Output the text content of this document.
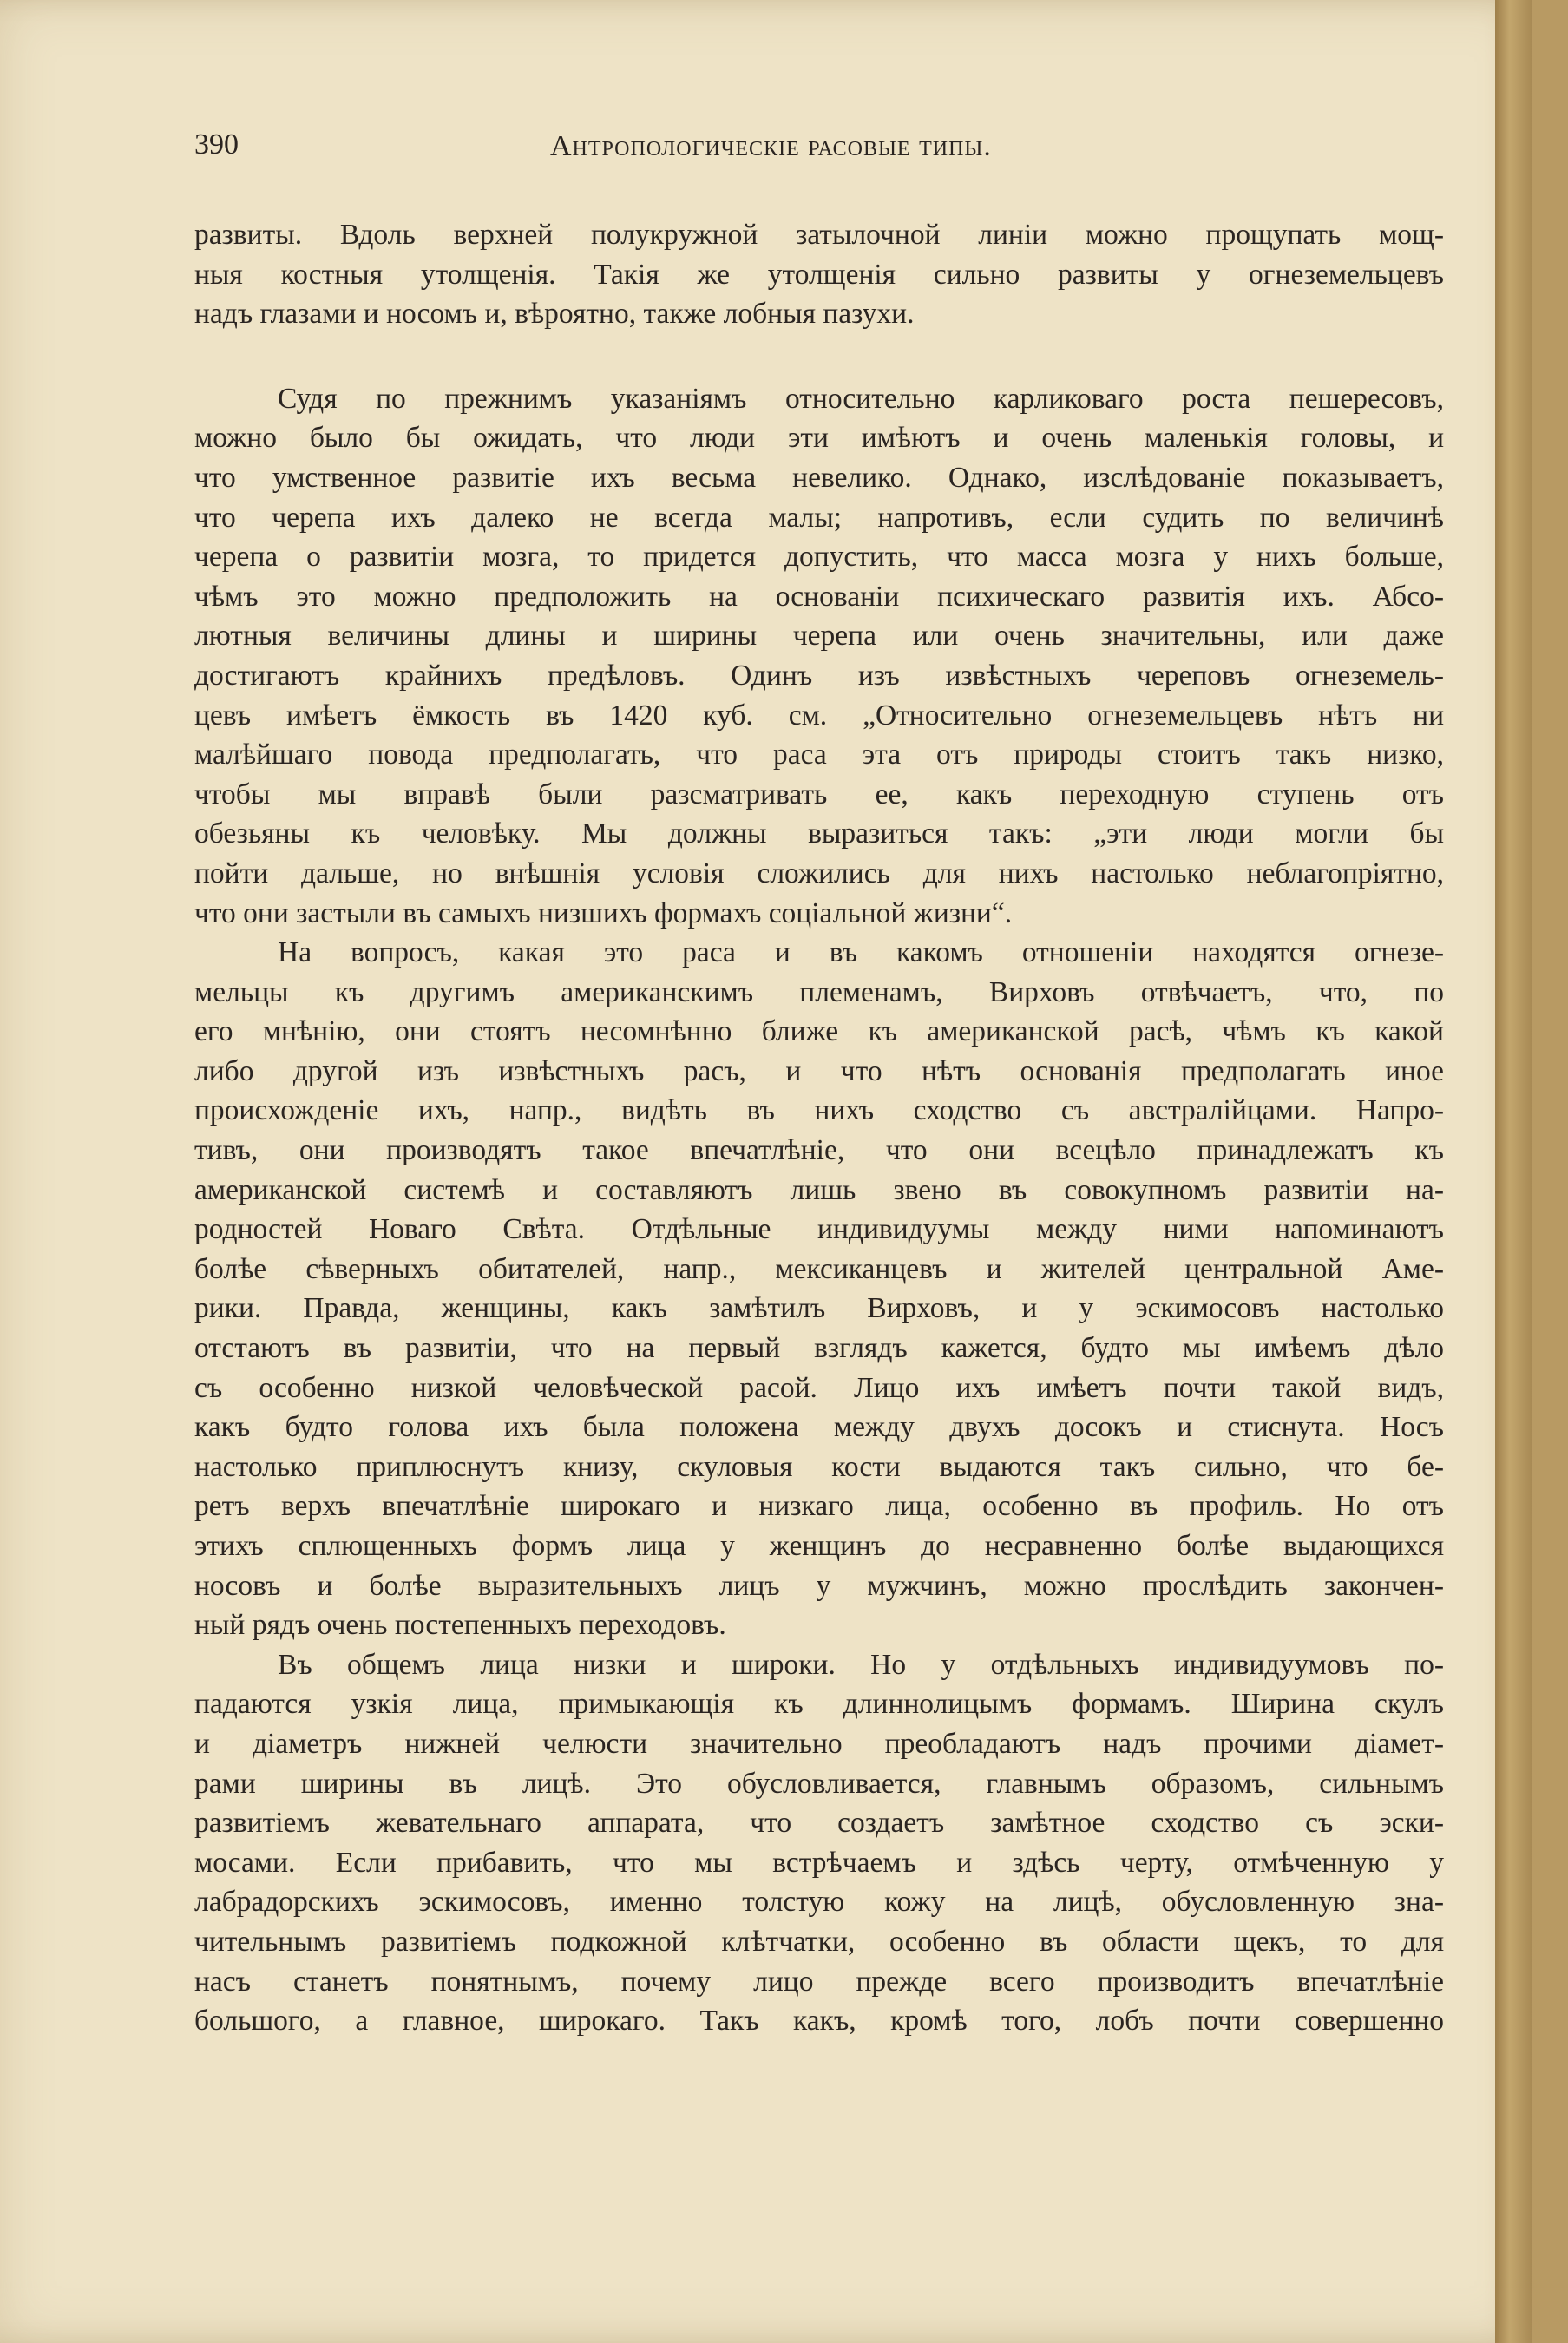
390	Антропологическіе расовые типы.
развиты. Вдоль верхней полукружной затылочной линіи можно прощупать мощ-
ныя костныя утолщенія. Такія же утолщенія сильно развиты у огнеземельцевъ
надъ глазами и носомъ и, вѣроятно, также лобныя пазухи.
Судя по прежнимъ указаніямъ относительно карликоваго роста пешересовъ,
можно было бы ожидать, что люди эти имѣютъ и очень маленькія головы, и
что умственное развитіе ихъ весьма невелико. Однако, изслѣдованіе показываетъ,
что черепа ихъ далеко не всегда малы; напротивъ, если судить по величинѣ
черепа о развитіи мозга, то придется допустить, что масса мозга у нихъ больше,
чѣмъ это можно предположить на основаніи психическаго развитія ихъ. Абсо-
лютныя величины длины и ширины черепа или очень значительны, или даже
достигаютъ крайнихъ предѣловъ. Одинъ изъ извѣстныхъ череповъ огнеземель-
цевъ имѣетъ ёмкость въ 1420 куб. см. „Относительно огнеземельцевъ нѣтъ ни
малѣйшаго повода предполагать, что раса эта отъ природы стоитъ такъ низко,
чтобы мы вправѣ были разсматривать ее, какъ переходную ступень отъ
обезьяны къ человѣку. Мы должны выразиться такъ: „эти люди могли бы
пойти дальше, но внѣшнія условія сложились для нихъ настолько неблагопріятно,
что они застыли въ самыхъ низшихъ формахъ соціальной жизни“.
На вопросъ, какая это раса и въ какомъ отношеніи находятся огнезе-
мельцы къ другимъ американскимъ племенамъ, Вирховъ отвѣчаетъ, что, по
его мнѣнію, они стоятъ несомнѣнно ближе къ американской расѣ, чѣмъ къ какой
либо другой изъ извѣстныхъ расъ, и что нѣтъ основанія предполагать иное
происхожденіе ихъ, напр., видѣть въ нихъ сходство съ австралійцами. Напро-
тивъ, они производятъ такое впечатлѣніе, что они всецѣло принадлежатъ къ
американской системѣ и составляютъ лишь звено въ совокупномъ развитіи на-
родностей Новаго Свѣта. Отдѣльные индивидуумы между ними напоминаютъ
болѣе сѣверныхъ обитателей, напр., мексиканцевъ и жителей центральной Аме-
рики. Правда, женщины, какъ замѣтилъ Вирховъ, и у эскимосовъ настолько
отстаютъ въ развитіи, что на первый взглядъ кажется, будто мы имѣемъ дѣло
съ особенно низкой человѣческой расой. Лицо ихъ имѣетъ почти такой видъ,
какъ будто голова ихъ была положена между двухъ досокъ и стиснута. Носъ
настолько приплюснутъ книзу, скуловыя кости выдаются такъ сильно, что бе-
ретъ верхъ впечатлѣніе широкаго и низкаго лица, особенно въ профиль. Но отъ
этихъ сплющенныхъ формъ лица у женщинъ до несравненно болѣе выдающихся
носовъ и болѣе выразительныхъ лицъ у мужчинъ, можно прослѣдить закончен-
ный рядъ очень постепенныхъ переходовъ.
Въ общемъ лица низки и широки. Но у отдѣльныхъ индивидуумовъ по-
падаются узкія лица, примыкающія къ длиннолицымъ формамъ. Ширина скулъ
и діаметръ нижней челюсти значительно преобладаютъ надъ прочими діамет-
рами ширины въ лицѣ. Это обусловливается, главнымъ образомъ, сильнымъ
развитіемъ жевательнаго аппарата, что создаетъ замѣтное сходство съ эски-
мосами. Если прибавить, что мы встрѣчаемъ и здѣсь черту, отмѣченную у
лабрадорскихъ эскимосовъ, именно толстую кожу на лицѣ, обусловленную зна-
чительнымъ развитіемъ подкожной клѣтчатки, особенно въ области щекъ, то для
насъ станетъ понятнымъ, почему лицо прежде всего производитъ впечатлѣніе
большого, а главное, широкаго. Такъ какъ, кромѣ того, лобъ почти совершенно
